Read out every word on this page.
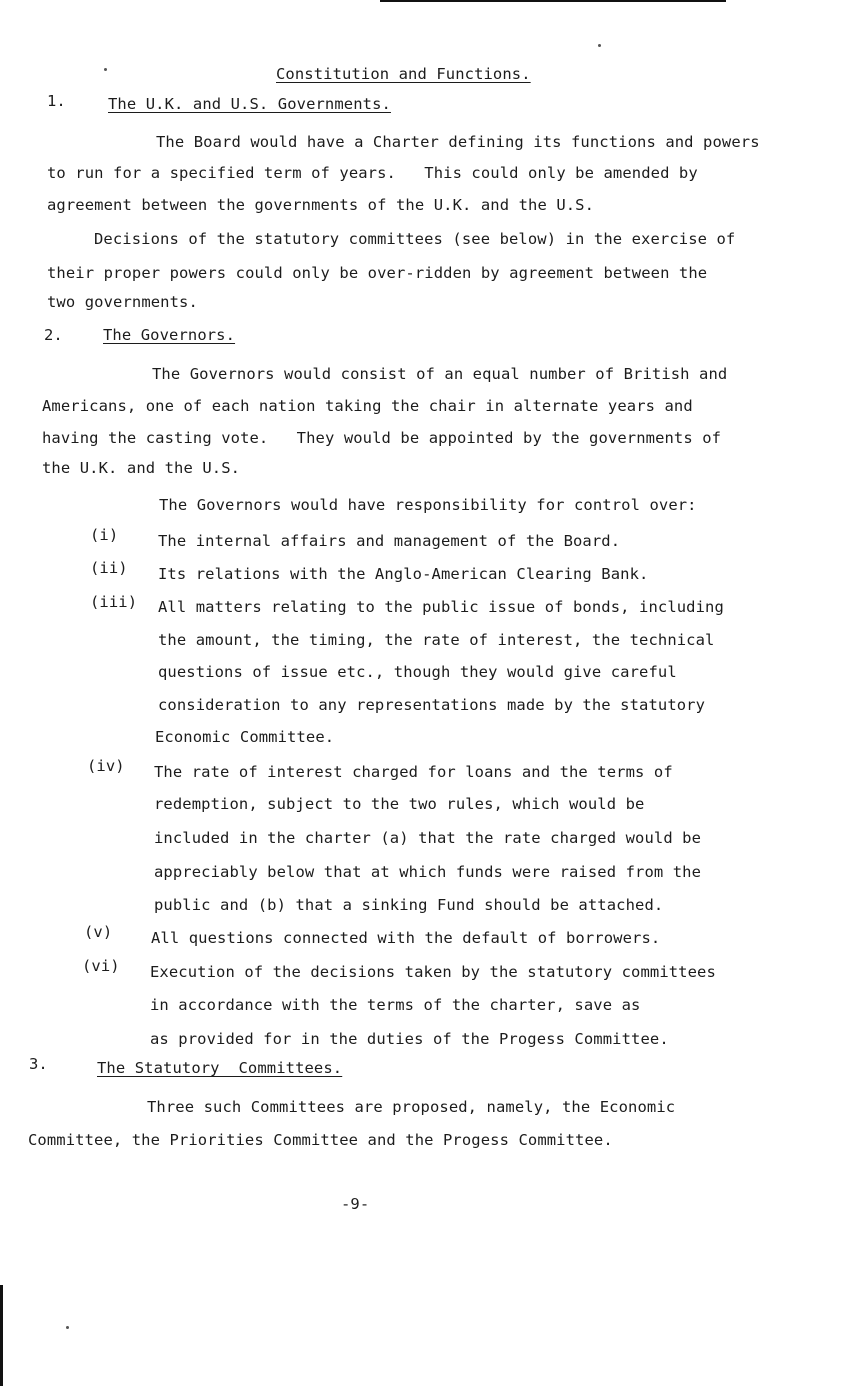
Constitution and Functions.
1.	The U.K. and U.S. Governments.
The Board would have a Charter defining its functions and powers
to run for a specified term of years.   This could only be amended by
agreement between the governments of the U.K. and the U.S.
Decisions of the statutory committees (see below) in the exercise of
their proper powers could only be over-ridden by agreement between the
two governments.
2.	The Governors.
The Governors would consist of an equal number of British and
Americans, one of each nation taking the chair in alternate years and
having the casting vote.   They would be appointed by the governments of
the U.K. and the U.S.
The Governors would have responsibility for control over:
(i)	The internal affairs and management of the Board.
(ii) Its relations with the Anglo-American Clearing Bank.
(iii) All matters relating to the public issue of bonds, including
the amount, the timing, the rate of interest, the technical
questions of issue etc., though they would give careful
consideration to any representations made by the statutory
Economic Committee.
(iv) The rate of interest charged for loans and the terms of
redemption, subject to the two rules, which would be
included in the charter (a) that the rate charged would be
appreciably below that at which funds were raised from the
public and (b) that a sinking Fund should be attached.
(v) All questions connected with the default of borrowers.
(vi) Execution of the decisions taken by the statutory committees
in accordance with the terms of the charter, save as
as provided for in the duties of the Progess Committee.
3.	The Statutory  Committees.
Three such Committees are proposed, namely, the Economic
Committee, the Priorities Committee and the Progess Committee.
-9-
